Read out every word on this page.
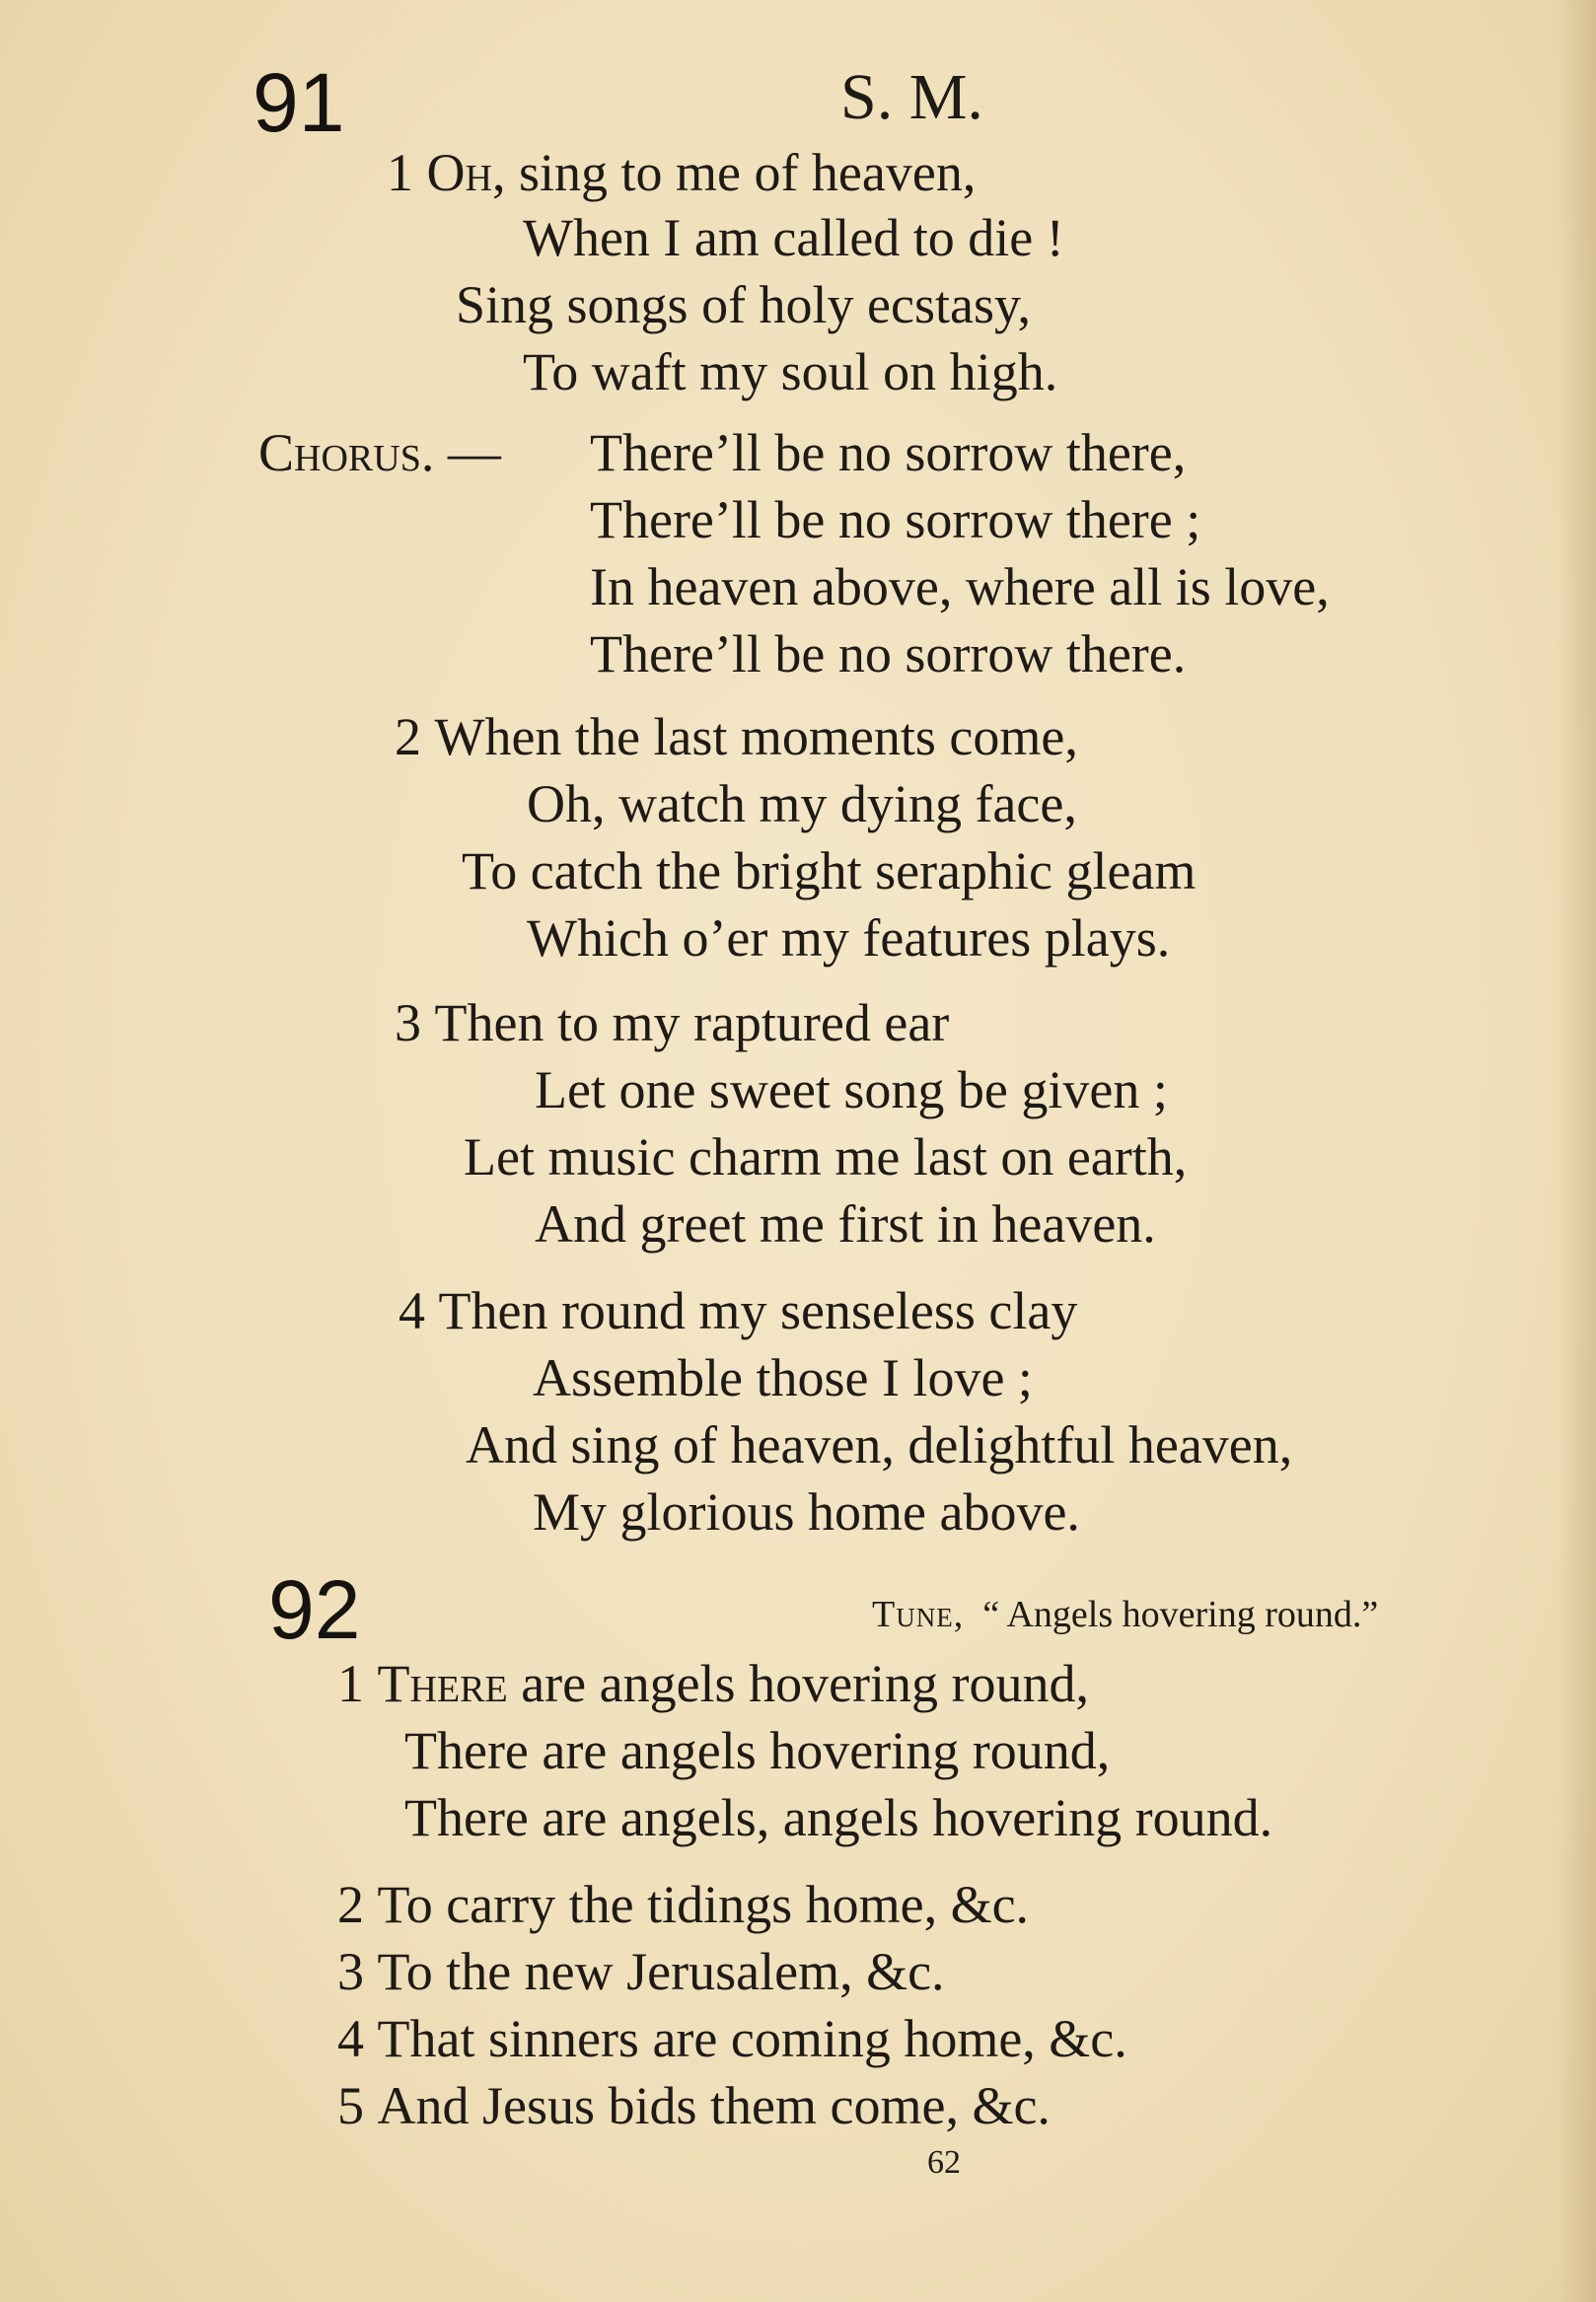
91	S. M.
1 Oh, sing to me of heaven,
When I am called to die !
Sing songs of holy ecstasy,
To waft my soul on high.
Chorus. — There’ll be no sorrow there,
There’ll be no sorrow there ;
In heaven above, where all is love,
There’ll be no sorrow there.
2 When the last moments come,
Oh, watch my dying face,
To catch the bright seraphic gleam
Which o’er my features plays.
3 Then to my raptured ear
Let one sweet song be given ;
Let music charm me last on earth,
And greet me first in heaven.
4 Then round my senseless clay
Assemble those I love ;
And sing of heaven, delightful heaven,
My glorious home above.
92	Tune, “ Angels hovering round.”
1 There are angels hovering round,
There are angels hovering round,
There are angels, angels hovering round.
2 To carry the tidings home, &c.
3 To the new Jerusalem, &c.
4 That sinners are coming home, &c.
5 And Jesus bids them come, &c.
62
